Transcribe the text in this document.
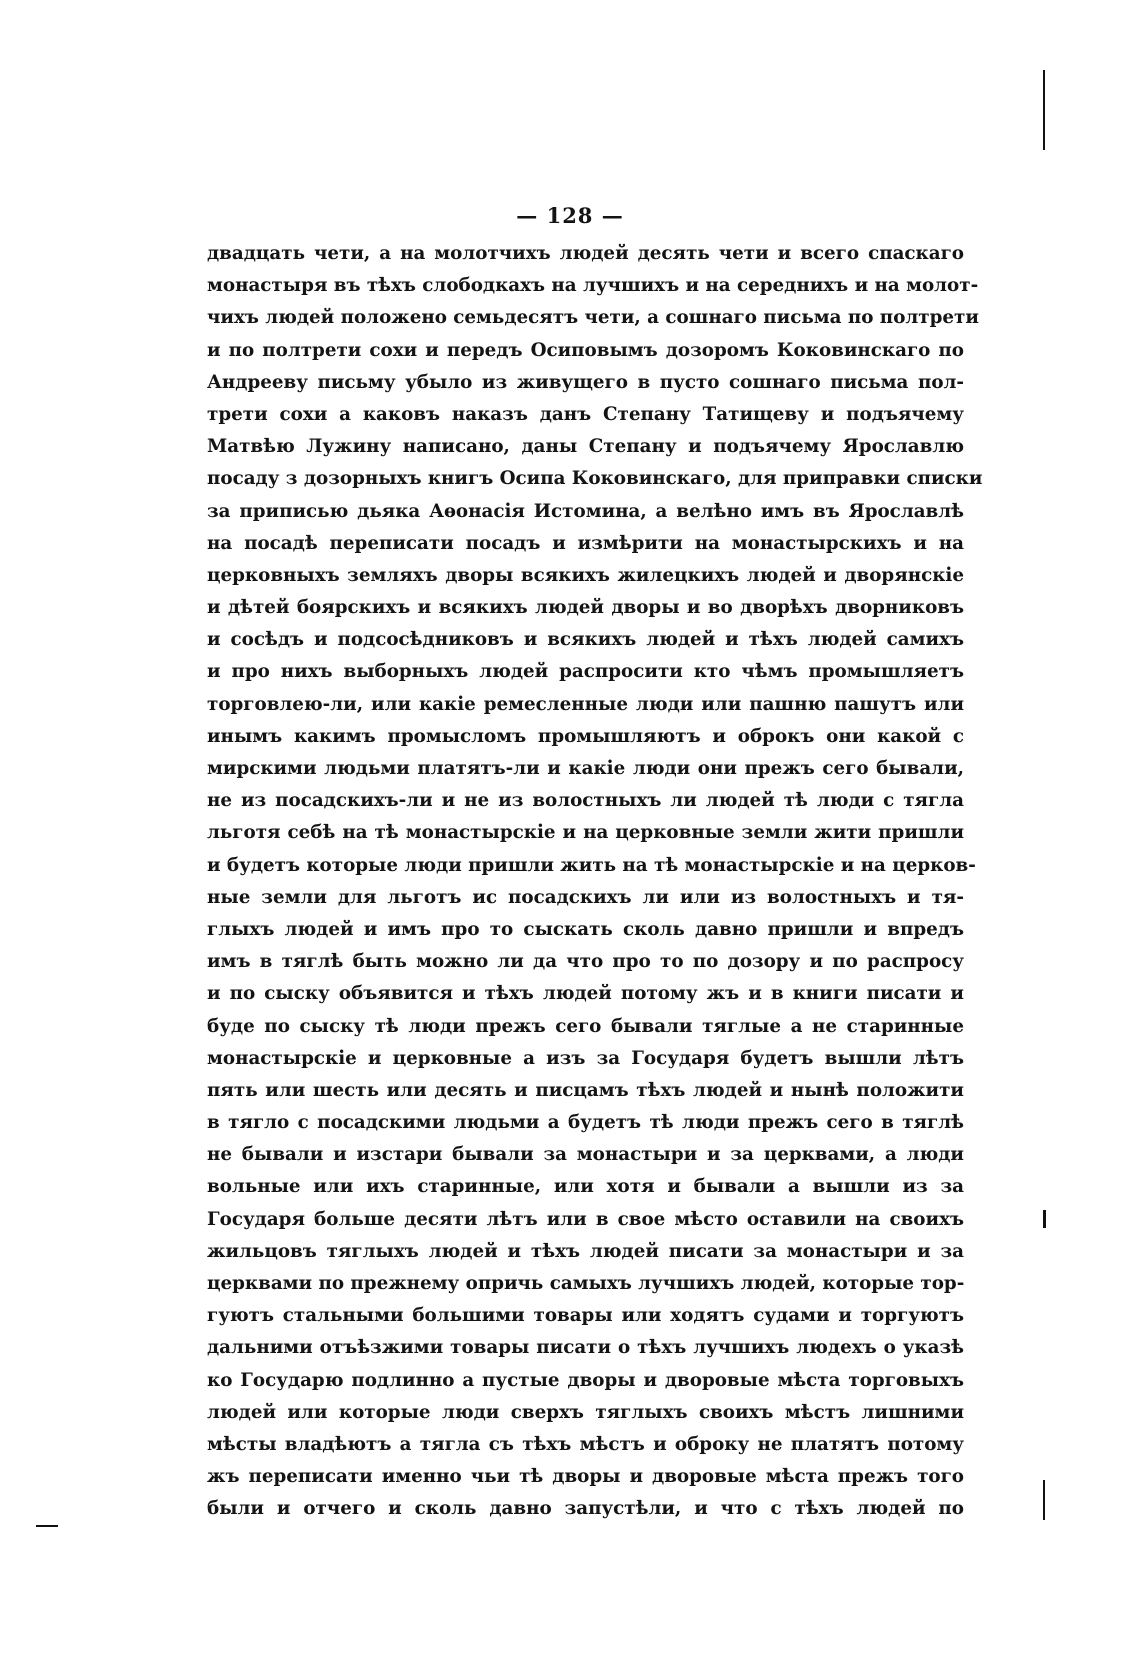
— 128 —
двадцать чети, а на молотчихъ людей десять чети и всего спаскаго
монастыря въ тѣхъ слободкахъ на лучшихъ и на середнихъ и на молот-
чихъ людей положено семьдесятъ чети, а сошнаго письма по полтрети
и по полтрети сохи и передъ Осиповымъ дозоромъ Коковинскаго по
Андрееву письму убыло из живущего в пусто сошнаго письма пол-
трети сохи а каковъ наказъ данъ Степану Татищеву и подъячему
Матвѣю Лужину написано, даны Степану и подъячему Ярославлю
посаду з дозорныхъ книгъ Осипа Коковинскаго, для приправки списки
за приписью дьяка Аѳонасія Истомина, а велѣно имъ въ Ярославлѣ
на посадѣ переписати посадъ и измѣрити на монастырскихъ и на
церковныхъ земляхъ дворы всякихъ жилецкихъ людей и дворянскіе
и дѣтей боярскихъ и всякихъ людей дворы и во дворѣхъ дворниковъ
и сосѣдъ и подсосѣдниковъ и всякихъ людей и тѣхъ людей самихъ
и про нихъ выборныхъ людей распросити кто чѣмъ промышляетъ
торговлею-ли, или какіе ремесленные люди или пашню пашутъ или
инымъ какимъ промысломъ промышляютъ и оброкъ они какой с
мирскими людьми платятъ-ли и какіе люди они прежъ сего бывали,
не из посадскихъ-ли и не из волостныхъ ли людей тѣ люди с тягла
льготя себѣ на тѣ монастырскіе и на церковные земли жити пришли
и будетъ которые люди пришли жить на тѣ монастырскіе и на церков-
ные земли для льготъ ис посадскихъ ли или из волостныхъ и тя-
глыхъ людей и имъ про то сыскать сколь давно пришли и впредъ
имъ в тяглѣ быть можно ли да что про то по дозору и по распросу
и по сыску объявится и тѣхъ людей потому жъ и в книги писати и
буде по сыску тѣ люди прежъ сего бывали тяглые а не старинные
монастырскіе и церковные а изъ за Государя будетъ вышли лѣтъ
пять или шесть или десять и писцамъ тѣхъ людей и нынѣ положити
в тягло с посадскими людьми а будетъ тѣ люди прежъ сего в тяглѣ
не бывали и изстари бывали за монастыри и за церквами, а люди
вольные или ихъ старинные, или хотя и бывали а вышли из за
Государя больше десяти лѣтъ или в свое мѣсто оставили на своихъ
жильцовъ тяглыхъ людей и тѣхъ людей писати за монастыри и за
церквами по прежнему опричь самыхъ лучшихъ людей, которые тор-
гуютъ стальными большими товары или ходятъ судами и торгуютъ
дальними отъѣзжими товары писати о тѣхъ лучшихъ людехъ о указѣ
ко Государю подлинно а пустые дворы и дворовые мѣста торговыхъ
людей или которые люди сверхъ тяглыхъ своихъ мѣстъ лишними
мѣсты владѣютъ а тягла съ тѣхъ мѣстъ и оброку не платятъ потому
жъ переписати именно чьи тѣ дворы и дворовые мѣста прежъ того
были и отчего и сколь давно запустѣли, и что с тѣхъ людей по
